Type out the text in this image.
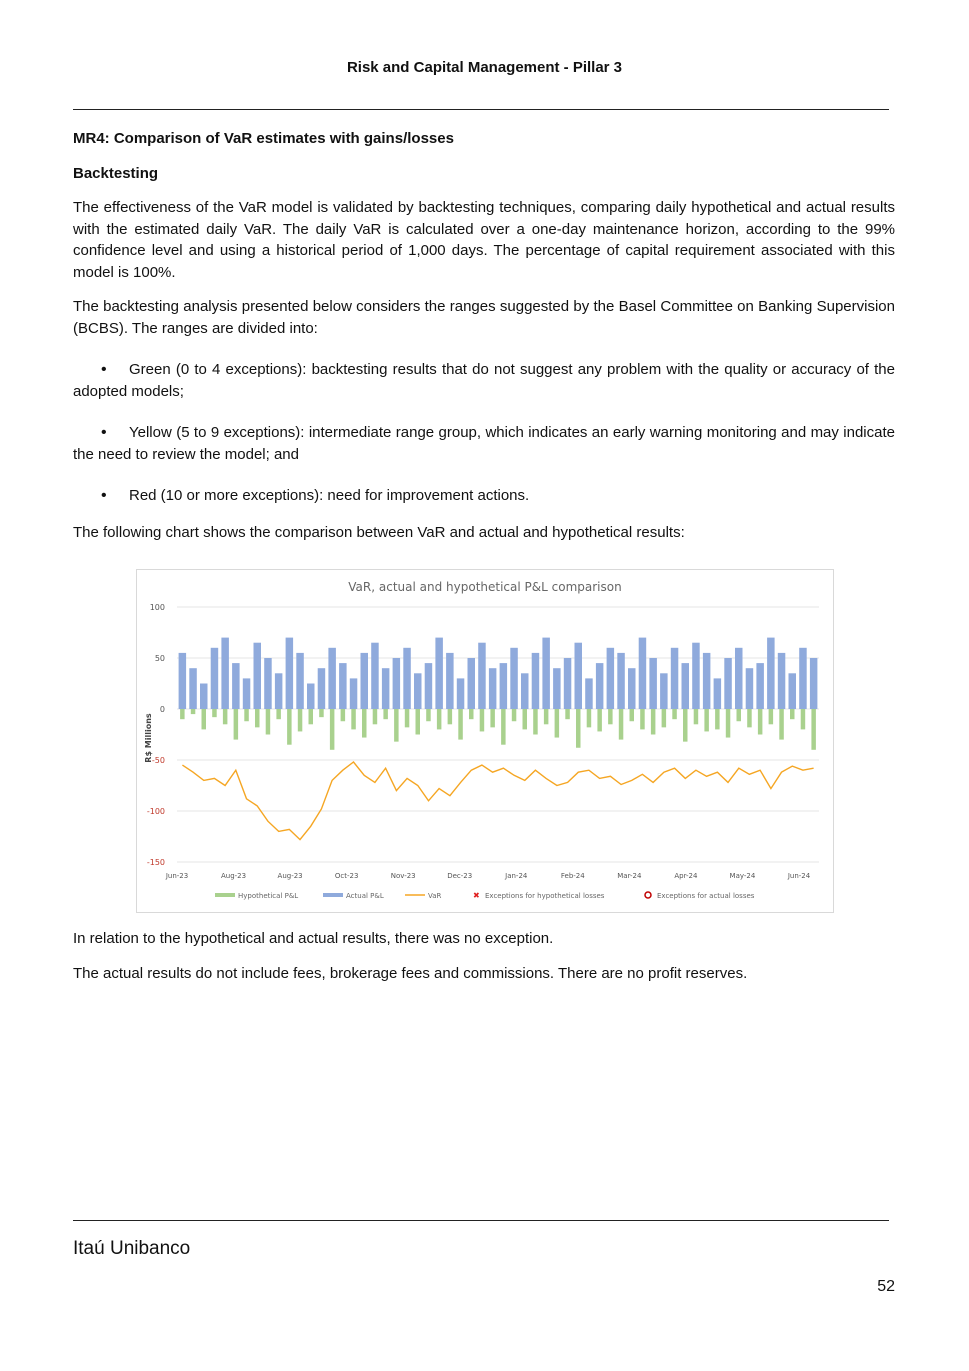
Risk and Capital Management - Pillar 3

MR4: Comparison of VaR estimates with gains/losses

Backtesting

The effectiveness of the VaR model is validated by backtesting techniques, comparing daily hypothetical and actual results with the estimated daily VaR. The daily VaR is calculated over a one-day maintenance horizon, according to the 99% confidence level and using a historical period of 1,000 days. The percentage of capital requirement associated with this model is 100%.

The backtesting analysis presented below considers the ranges suggested by the Basel Committee on Banking Supervision (BCBS). The ranges are divided into:

• Green (0 to 4 exceptions): backtesting results that do not suggest any problem with the quality or accuracy of the adopted models;

• Yellow (5 to 9 exceptions): intermediate range group, which indicates an early warning monitoring and may indicate the need to review the model; and

• Red (10 or more exceptions): need for improvement actions.

The following chart shows the comparison between VaR and actual and hypothetical results:

VaR, actual and hypothetical P&L comparison
R$ Millions
100
50
0
-50
-100
-150
Jun-23	Aug-23	Aug-23	Oct-23	Nov-23	Dec-23	Jan-24	Feb-24	Mar-24	Apr-24	May-24	Jun-24
Hypothetical P&L	Actual P&L	VaR	✖ Exceptions for hypothetical losses	Exceptions for actual losses

In relation to the hypothetical and actual results, there was no exception.

The actual results do not include fees, brokerage fees and commissions. There are no profit reserves.

Itaú Unibanco
52
